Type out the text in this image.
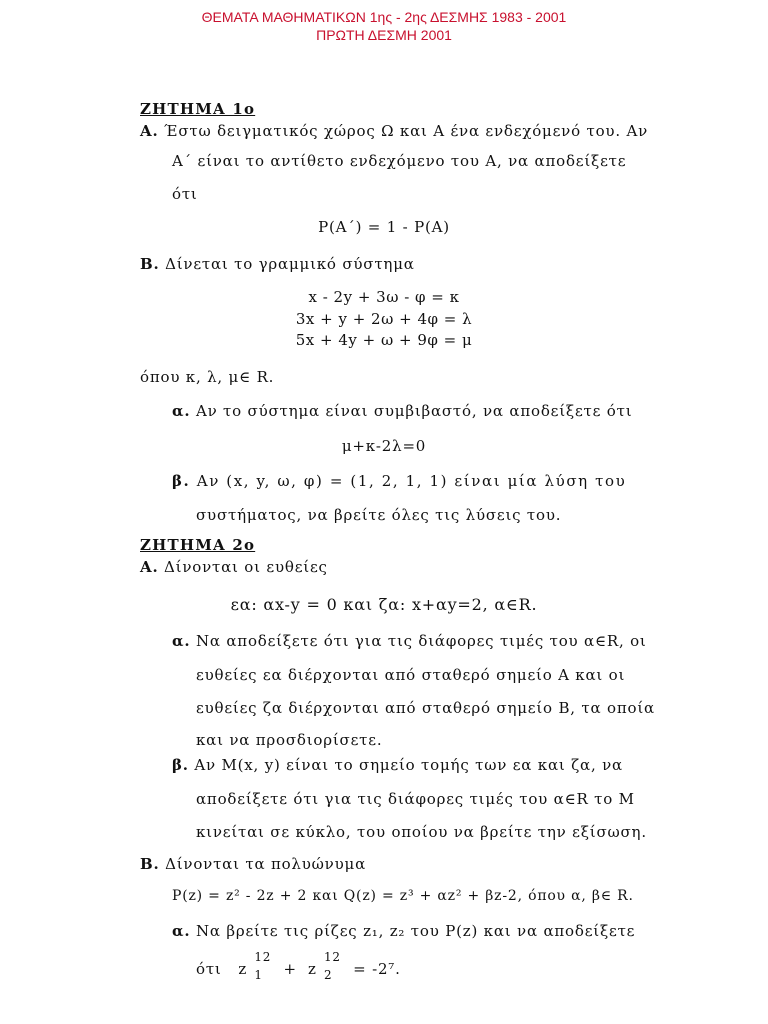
ΘΕΜΑΤΑ ΜΑΘΗΜΑΤΙΚΩΝ 1ης - 2ης ΔΕΣΜΗΣ 1983 - 2001
ΠΡΩΤΗ ΔΕΣΜΗ 2001
ΖΗΤΗΜΑ 1ο
Α. Έστω δειγματικός χώρος Ω και Α ένα ενδεχόμενό του. Αν
Α΄ είναι το αντίθετο ενδεχόμενο του Α, να αποδείξετε
ότι
Ρ(Α΄) = 1 - Ρ(Α)
Β. Δίνεται το γραμμικό σύστημα
x - 2y + 3ω - φ = κ
3x + y + 2ω + 4φ = λ
5x + 4y + ω + 9φ = μ
όπου κ, λ, μ∈ R.
α. Αν το σύστημα είναι συμβιβαστό, να αποδείξετε ότι
μ+κ-2λ=0
β. Αν (x, y, ω, φ) = (1, 2, 1, 1) είναι μία λύση του
συστήματος, να βρείτε όλες τις λύσεις του.
ΖΗΤΗΜΑ 2ο
Α. Δίνονται οι ευθείες
εα: αx-y = 0 και ζα: x+αy=2, α∈R.
α. Να αποδείξετε ότι για τις διάφορες τιμές του α∈R, οι
ευθείες εα διέρχονται από σταθερό σημείο Α και οι
ευθείες ζα διέρχονται από σταθερό σημείο Β, τα οποία
και να προσδιορίσετε.
β. Αν Μ(x, y) είναι το σημείο τομής των εα και ζα, να
αποδείξετε ότι για τις διάφορες τιμές του α∈R το Μ
κινείται σε κύκλο, του οποίου να βρείτε την εξίσωση.
Β. Δίνονται τα πολυώνυμα
P(z) = z² - 2z + 2 και Q(z) = z³ + αz² + βz-2, όπου α, β∈ R.
α. Να βρείτε τις ρίζες z₁, z₂ του P(z) και να αποδείξετε
ότι z
12
1 + z
12
2 = -2⁷.
